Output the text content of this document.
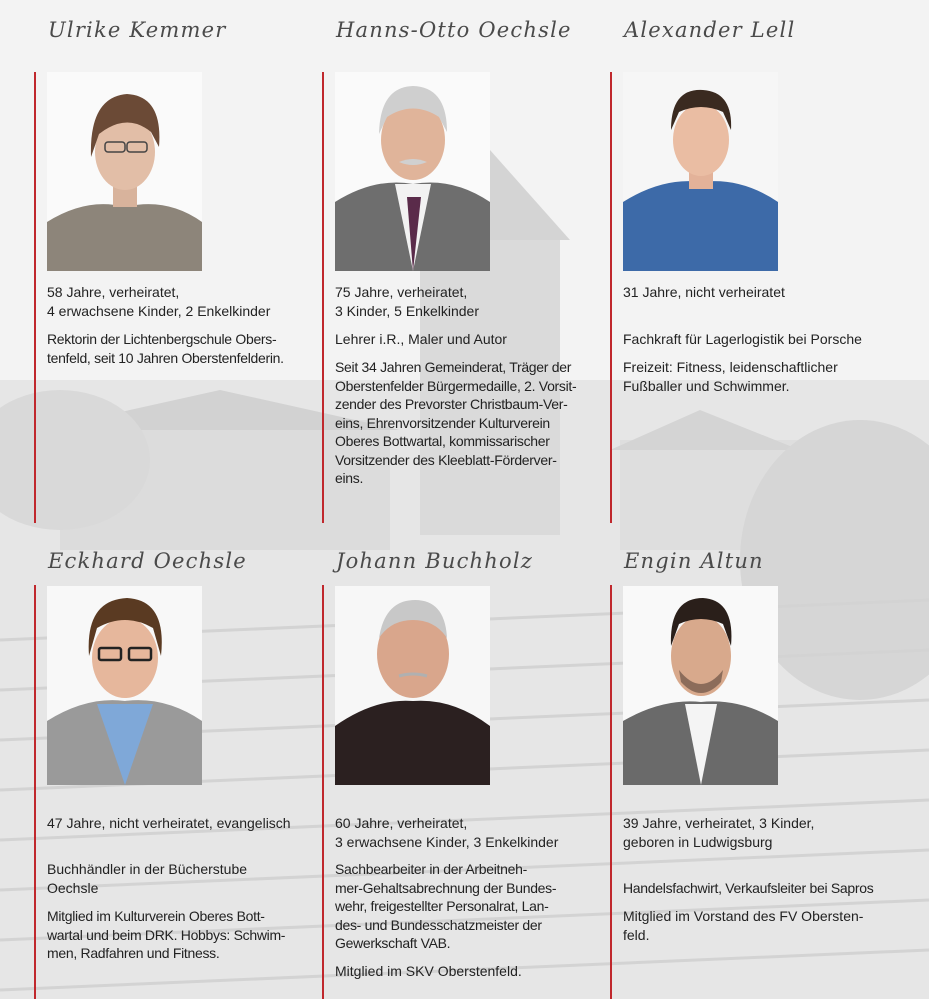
Ulrike Kemmer
58 Jahre, verheiratet,
4 erwachsene Kinder, 2 Enkelkinder
Rektorin der Lichtenbergschule Obers-
tenfeld, seit 10 Jahren Oberstenfelderin.
Hanns-Otto Oechsle
75 Jahre, verheiratet,
3 Kinder, 5 Enkelkinder
Lehrer i.R., Maler und Autor
Seit 34 Jahren Gemeinderat, Träger der
Oberstenfelder Bürgermedaille, 2. Vorsit-
zender des Prevorster Christbaum-Ver-
eins, Ehrenvorsitzender Kulturverein
Oberes Bottwartal, kommissarischer
Vorsitzender des Kleeblatt-Förderver-
eins.
Alexander Lell
31 Jahre, nicht verheiratet
Fachkraft für Lagerlogistik bei Porsche
Freizeit: Fitness, leidenschaftlicher
Fußballer und Schwimmer.
Eckhard Oechsle
47 Jahre, nicht verheiratet, evangelisch
Buchhändler in der Bücherstube
Oechsle
Mitglied im Kulturverein Oberes Bott-
wartal und beim DRK. Hobbys: Schwim-
men, Radfahren und Fitness.
Johann Buchholz
60 Jahre, verheiratet,
3 erwachsene Kinder, 3 Enkelkinder
Sachbearbeiter in der Arbeitneh-
mer-Gehaltsabrechnung der Bundes-
wehr, freigestellter Personalrat, Lan-
des- und Bundesschatzmeister der
Gewerkschaft VAB.
Mitglied im SKV Oberstenfeld.
Engin Altun
39 Jahre, verheiratet, 3 Kinder,
geboren in Ludwigsburg
Handelsfachwirt, Verkaufsleiter bei Sapros
Mitglied im Vorstand des FV Obersten-
feld.
